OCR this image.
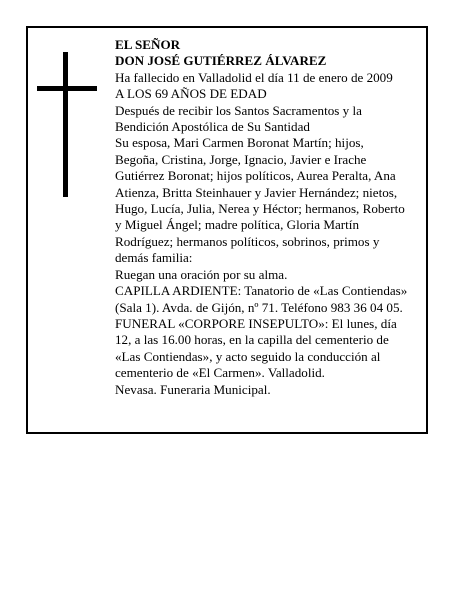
EL SEÑOR
DON JOSÉ GUTIÉRREZ ÁLVAREZ
Ha fallecido en Valladolid el día 11 de enero de 2009
A LOS 69 AÑOS DE EDAD
Después de recibir los Santos Sacramentos y la
Bendición Apostólica de Su Santidad
Su esposa, Mari Carmen Boronat Martín; hijos,
Begoña, Cristina, Jorge, Ignacio, Javier e Irache
Gutiérrez Boronat; hijos políticos, Aurea Peralta, Ana
Atienza, Britta Steinhauer y Javier Hernández; nietos,
Hugo, Lucía, Julia, Nerea y Héctor; hermanos, Roberto
y Miguel Ángel; madre política, Gloria Martín
Rodríguez; hermanos políticos, sobrinos, primos y
demás familia:
Ruegan una oración por su alma.
CAPILLA ARDIENTE: Tanatorio de «Las Contiendas»
(Sala 1). Avda. de Gijón, nº 71. Teléfono 983 36 04 05.
FUNERAL «CORPORE INSEPULTO»: El lunes, día
12, a las 16.00 horas, en la capilla del cementerio de
«Las Contiendas», y acto seguido la conducción al
cementerio de «El Carmen». Valladolid.
Nevasa. Funeraria Municipal.
